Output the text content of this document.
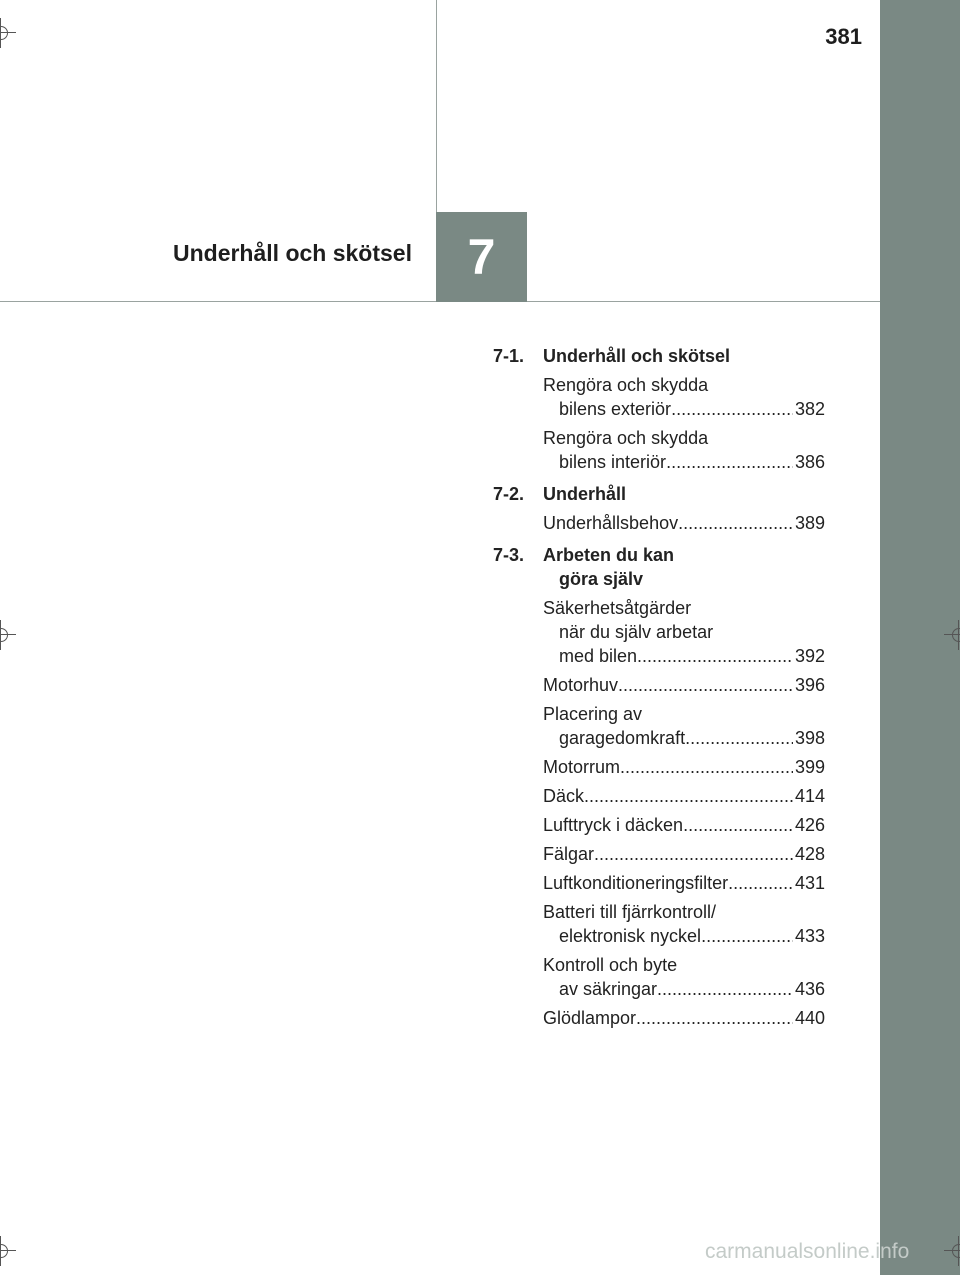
381
7
Underhåll och skötsel
7-1. Underhåll och skötsel
Rengöra och skydda
bilens exteriör .....	382
Rengöra och skydda
bilens interiör .....	386
7-2. Underhåll
Underhållsbehov .....	389
7-3. Arbeten du kan
göra själv
Säkerhetsåtgärder
när du själv arbetar
med bilen .....	392
Motorhuv .....	396
Placering av
garagedomkraft .....	398
Motorrum .....	399
Däck .....	414
Lufttryck i däcken .....	426
Fälgar .....	428
Luftkonditioneringsfilter .....	431
Batteri till fjärrkontroll/
elektronisk nyckel .....	433
Kontroll och byte
av säkringar .....	436
Glödlampor .....	440
carmanualsonline.info
